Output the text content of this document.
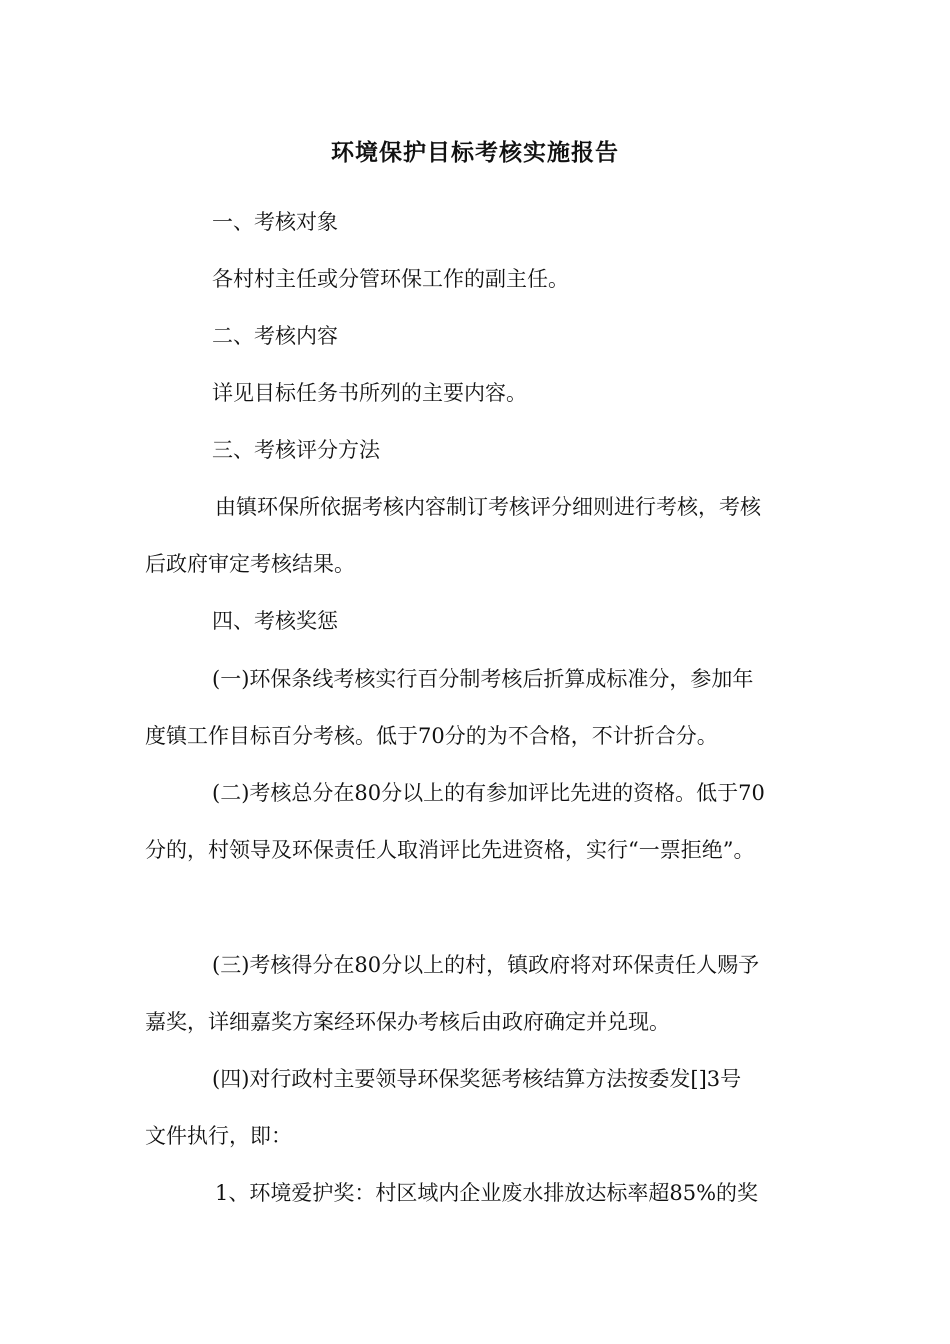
环境保护目标考核实施报告
一、考核对象
各村村主任或分管环保工作的副主任。
二、考核内容
详见目标任务书所列的主要内容。
三、考核评分方法
由镇环保所依据考核内容制订考核评分细则进行考核，考核
后政府审定考核结果。
四、考核奖惩
(一)环保条线考核实行百分制考核后折算成标准分，参加年
度镇工作目标百分考核。低于70分的为不合格，不计折合分。
(二)考核总分在80分以上的有参加评比先进的资格。低于70
分的，村领导及环保责任人取消评比先进资格，实行“一票拒绝”。
(三)考核得分在80分以上的村，镇政府将对环保责任人赐予
嘉奖，详细嘉奖方案经环保办考核后由政府确定并兑现。
(四)对行政村主要领导环保奖惩考核结算方法按委发[]3号
文件执行，即：
1、环境爱护奖：村区域内企业废水排放达标率超85%的奖
